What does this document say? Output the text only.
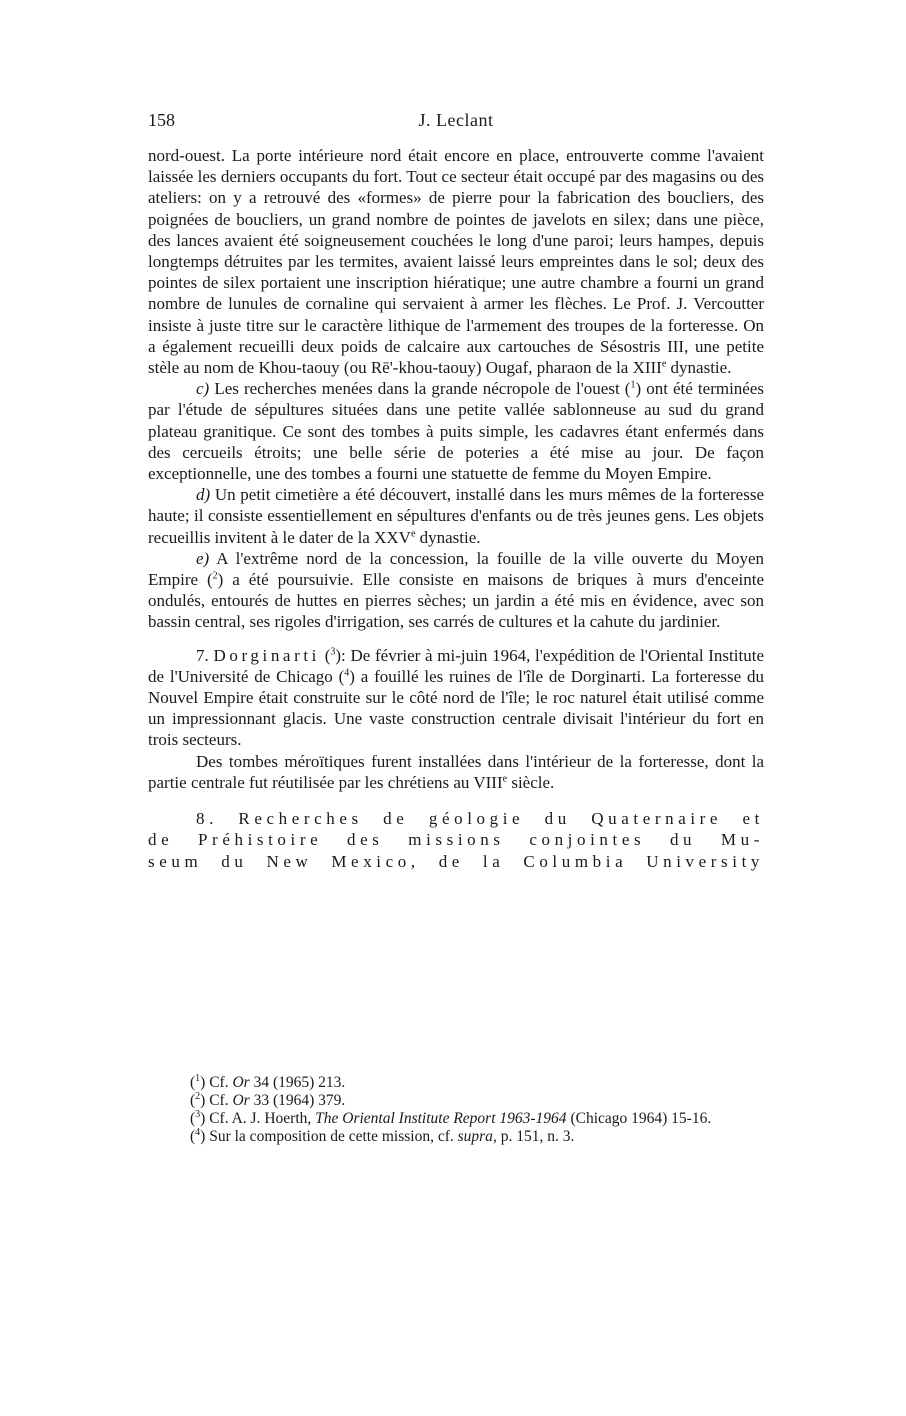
158	J. Leclant

nord-ouest. La porte intérieure nord était encore en place, entrouverte comme l'avaient laissée les derniers occupants du fort. Tout ce secteur était occupé par des magasins ou des ateliers: on y a retrouvé des «formes» de pierre pour la fabrication des boucliers, des poignées de boucliers, un grand nombre de pointes de javelots en silex; dans une pièce, des lances avaient été soigneusement couchées le long d'une paroi; leurs hampes, depuis longtemps détruites par les termites, avaient laissé leurs empreintes dans le sol; deux des pointes de silex portaient une inscription hiératique; une autre chambre a fourni un grand nombre de lunules de cornaline qui servaient à armer les flèches. Le Prof. J. Vercoutter insiste à juste titre sur le caractère lithique de l'armement des troupes de la forteresse. On a également recueilli deux poids de calcaire aux cartouches de Sésostris III, une petite stèle au nom de Khou-taouy (ou Rē'-khou-taouy) Ougaf, pharaon de la XIIIe dynastie.

c) Les recherches menées dans la grande nécropole de l'ouest ($^1$) ont été terminées par l'étude de sépultures situées dans une petite vallée sablonneuse au sud du grand plateau granitique. Ce sont des tombes à puits simple, les cadavres étant enfermés dans des cercueils étroits; une belle série de poteries a été mise au jour. De façon exceptionnelle, une des tombes a fourni une statuette de femme du Moyen Empire.

d) Un petit cimetière a été découvert, installé dans les murs mêmes de la forteresse haute; il consiste essentiellement en sépultures d'enfants ou de très jeunes gens. Les objets recueillis invitent à le dater de la XXVe dynastie.

e) A l'extrême nord de la concession, la fouille de la ville ouverte du Moyen Empire ($^2$) a été poursuivie. Elle consiste en maisons de briques à murs d'enceinte ondulés, entourés de huttes en pierres sèches; un jardin a été mis en évidence, avec son bassin central, ses rigoles d'irrigation, ses carrés de cultures et la cahute du jardinier.

7. Dorginarti ($^3$): De février à mi-juin 1964, l'expédition de l'Oriental Institute de l'Université de Chicago ($^4$) a fouillé les ruines de l'île de Dorginarti. La forteresse du Nouvel Empire était construite sur le côté nord de l'île; le roc naturel était utilisé comme un impressionnant glacis. Une vaste construction centrale divisait l'intérieur du fort en trois secteurs.

Des tombes méroïtiques furent installées dans l'intérieur de la forteresse, dont la partie centrale fut réutilisée par les chrétiens au VIIIe siècle.

8. Recherches de géologie du Quaternaire et

de Préhistoire des missions conjointes du Mu-

seum du New Mexico, de la Columbia University

($^1$) Cf. Or 34 (1965) 213.

($^2$) Cf. Or 33 (1964) 379.

($^3$) Cf. A. J. Hoerth, The Oriental Institute Report 1963-1964 (Chicago 1964) 15-16.

($^4$) Sur la composition de cette mission, cf. supra, p. 151, n. 3.
